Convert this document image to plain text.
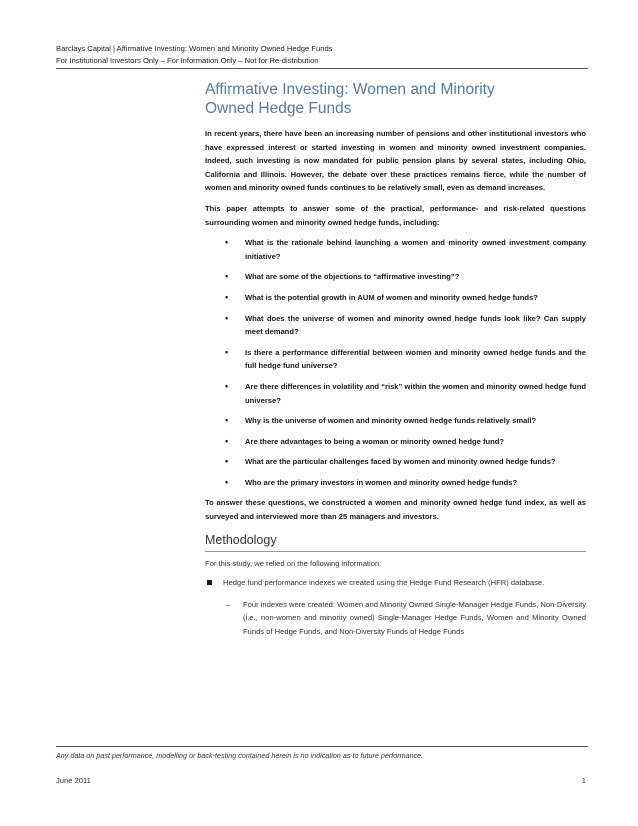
Barclays Capital | Affirmative Investing: Women and Minority Owned Hedge Funds
For Institutional Investors Only – For Information Only – Not for Re-distribution
Affirmative Investing: Women and Minority
Owned Hedge Funds

In recent years, there have been an increasing number of pensions and other institutional investors who have expressed interest or started investing in women and minority owned investment companies. Indeed, such investing is now mandated for public pension plans by several states, including Ohio, California and Illinois. However, the debate over these practices remains fierce, while the number of women and minority owned funds continues to be relatively small, even as demand increases.

This paper attempts to answer some of the practical, performance- and risk-related questions surrounding women and minority owned hedge funds, including:

• What is the rationale behind launching a women and minority owned investment company initiative?
• What are some of the objections to “affirmative investing”?
• What is the potential growth in AUM of women and minority owned hedge funds?
• What does the universe of women and minority owned hedge funds look like? Can supply meet demand?
• Is there a performance differential between women and minority owned hedge funds and the full hedge fund universe?
• Are there differences in volatility and “risk” within the women and minority owned hedge fund universe?
• Why is the universe of women and minority owned hedge funds relatively small?
• Are there advantages to being a woman or minority owned hedge fund?
• What are the particular challenges faced by women and minority owned hedge funds?
• Who are the primary investors in women and minority owned hedge funds?

To answer these questions, we constructed a women and minority owned hedge fund index, as well as surveyed and interviewed more than 25 managers and investors.

Methodology

For this study, we relied on the following information:

Hedge fund performance indexes we created using the Hedge Fund Research (HFR) database.
– Four indexes were created: Women and Minority Owned Single-Manager Hedge Funds, Non-Diversity (i.e., non-women and minority owned) Single-Manager Hedge Funds, Women and Minority Owned Funds of Hedge Funds, and Non-Diversity Funds of Hedge Funds
Any data on past performance, modelling or back-testing contained herein is no indication as to future performance.
June 2011	1
